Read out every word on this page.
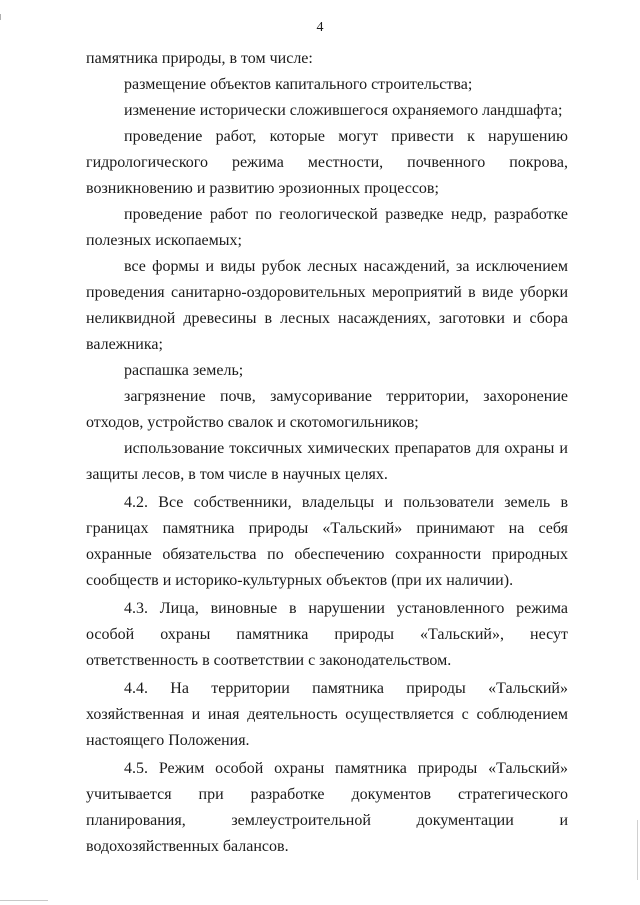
4

памятника природы, в том числе:

размещение объектов капитального строительства;

изменение исторически сложившегося охраняемого ландшафта;

проведение работ, которые могут привести к нарушению гидрологического режима местности, почвенного покрова, возникновению и развитию эрозионных процессов;

проведение работ по геологической разведке недр, разработке полезных ископаемых;

все формы и виды рубок лесных насаждений, за исключением проведения санитарно-оздоровительных мероприятий в виде уборки неликвидной древесины в лесных насаждениях, заготовки и сбора валежника;

распашка земель;

загрязнение почв, замусоривание территории, захоронение отходов, устройство свалок и скотомогильников;

использование токсичных химических препаратов для охраны и защиты лесов, в том числе в научных целях.

4.2. Все собственники, владельцы и пользователи земель в границах памятника природы «Тальский» принимают на себя охранные обязательства по обеспечению сохранности природных сообществ и историко-культурных объектов (при их наличии).

4.3. Лица, виновные в нарушении установленного режима особой охраны памятника природы «Тальский», несут ответственность в соответствии с законодательством.

4.4. На территории памятника природы «Тальский» хозяйственная и иная деятельность осуществляется с соблюдением настоящего Положения.

4.5. Режим особой охраны памятника природы «Тальский» учитывается при разработке документов стратегического планирования, землеустроительной документации и водохозяйственных балансов.
